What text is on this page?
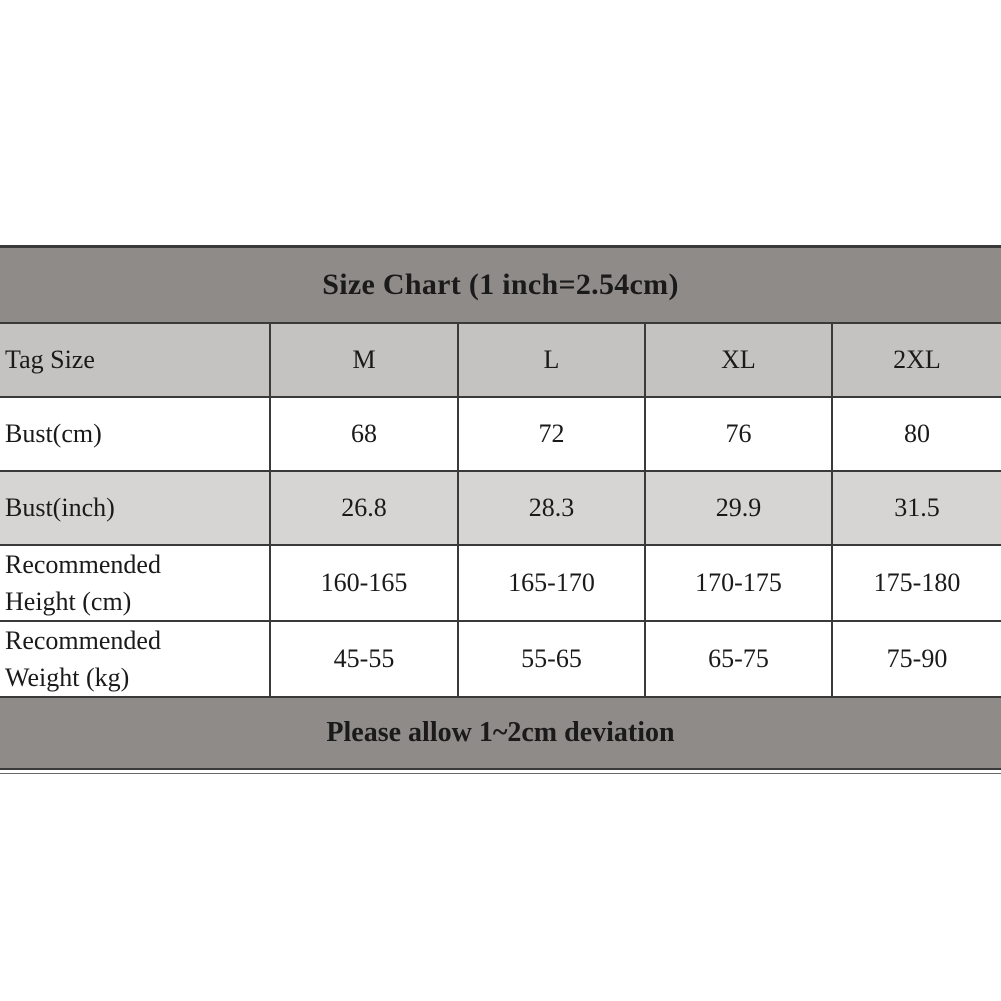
Size Chart (1 inch=2.54cm)
Tag Size	M	L	XL	2XL
Bust(cm)	68	72	76	80
Bust(inch)	26.8	28.3	29.9	31.5

Recommended
Height (cm)	160-165	165-170	170-175	175-180

Recommended
Weight (kg)	45-55	55-65	65-75	75-90
Please allow 1~2cm deviation
